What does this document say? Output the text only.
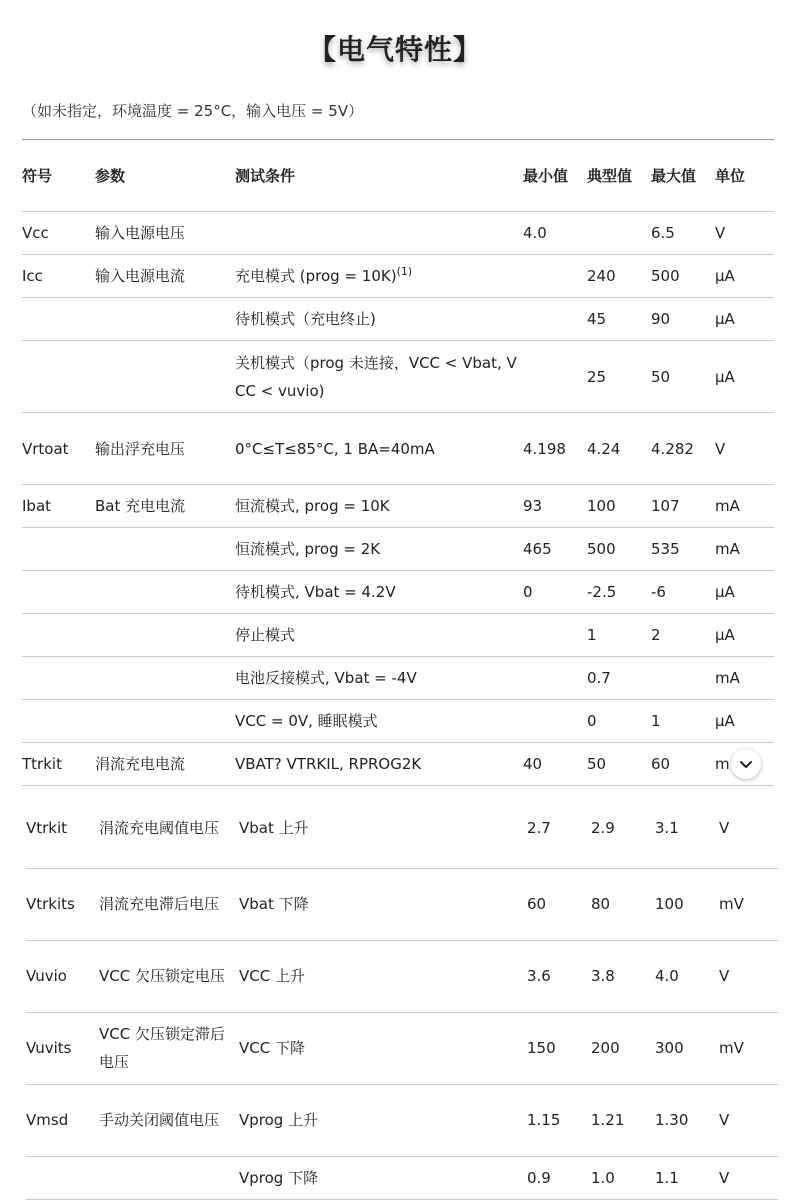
【电气特性】
（如未指定，环境温度 = 25°C，输入电压 = 5V）
符号	参数	测试条件	最小值	典型值	最大值	单位
Vcc	输入电源电压		4.0		6.5	V
Icc	输入电源电流	充电模式 (prog = 10K)$^{(1)}$		240	500	µA
		待机模式（充电终止)		45	90	µA
		关机模式（prog 未连接，VCC < Vbat, VCC < vuvio)		25	50	µA
Vrtoat	输出浮充电压	0°C≤T≤85°C, 1 BA=40mA	4.198	4.24	4.282	V
Ibat	Bat 充电电流	恒流模式, prog = 10K	93	100	107	mA
		恒流模式, prog = 2K	465	500	535	mA
		待机模式, Vbat = 4.2V	0	-2.5	-6	µA
		停止模式		1	2	µA
		电池反接模式, Vbat = -4V		0.7		mA
		VCC = 0V, 睡眠模式		0	1	µA
Ttrkit	涓流充电电流	VBAT? VTRKIL, RPROG2K	40	50	60	m
Vtrkit	涓流充电阈值电压	Vbat 上升	2.7	2.9	3.1	V
Vtrkits	涓流充电滞后电压	Vbat 下降	60	80	100	mV
Vuvio	VCC 欠压锁定电压	VCC 上升	3.6	3.8	4.0	V
Vuvits	VCC 欠压锁定滞后电压	VCC 下降	150	200	300	mV
Vmsd	手动关闭阈值电压	Vprog 上升	1.15	1.21	1.30	V
		Vprog 下降	0.9	1.0	1.1	V
